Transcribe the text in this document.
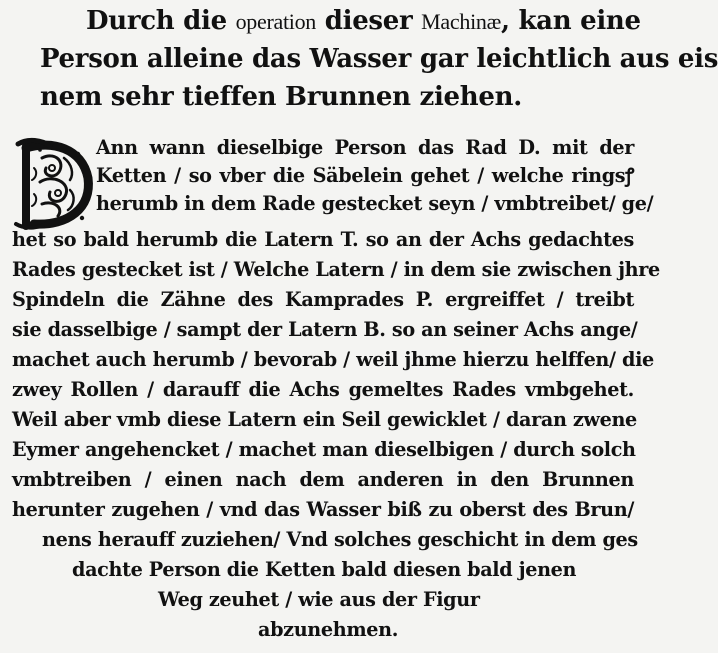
Durch die operation dieser Machinæ, kan eine
Person alleine das Wasser gar leichtlich aus eis
nem sehr tieffen Brunnen ziehen.
Ann wann dieselbige Person das Rad D. mit der
Ketten / so vber die Säbelein gehet / welche ringsꝭ
herumb in dem Rade gestecket seyn / vmbtreibet/ ge/
het so bald herumb die Latern T. so an der Achs gedachtes
Rades gestecket ist / Welche Latern / in dem sie zwischen jhre
Spindeln die Zähne des Kamprades P. ergreiffet / treibt
sie dasselbige / sampt der Latern B. so an seiner Achs ange/
machet auch herumb / bevorab / weil jhme hierzu helffen/ die
zwey Rollen / darauff die Achs gemeltes Rades vmbgehet.
Weil aber vmb diese Latern ein Seil gewicklet / daran zwene
Eymer angehencket / machet man dieselbigen / durch solch
vmbtreiben / einen nach dem anderen in den Brunnen
herunter zugehen / vnd das Wasser biß zu oberst des Brun/
nens herauff zuziehen/ Vnd solches geschicht in dem ges
dachte Person die Ketten bald diesen bald jenen
Weg zeuhet / wie aus der Figur
abzunehmen.
